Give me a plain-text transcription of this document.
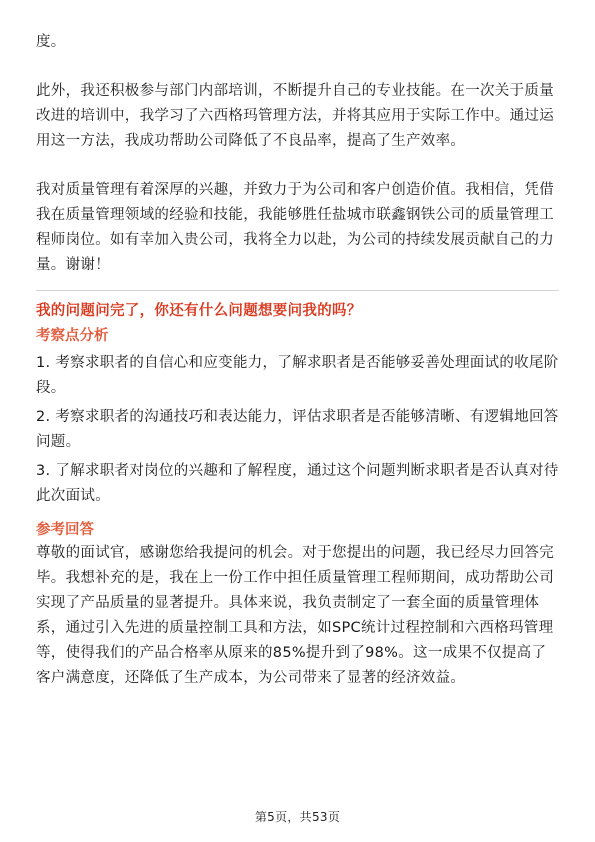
度。

此外，我还积极参与部门内部培训，不断提升自己的专业技能。在一次关于质量改进的培训中，我学习了六西格玛管理方法，并将其应用于实际工作中。通过运用这一方法，我成功帮助公司降低了不良品率，提高了生产效率。

我对质量管理有着深厚的兴趣，并致力于为公司和客户创造价值。我相信，凭借我在质量管理领域的经验和技能，我能够胜任盐城市联鑫钢铁公司的质量管理工程师岗位。如有幸加入贵公司，我将全力以赴，为公司的持续发展贡献自己的力量。谢谢！

我的问题问完了，你还有什么问题想要问我的吗？
考察点分析

1. 考察求职者的自信心和应变能力，了解求职者是否能够妥善处理面试的收尾阶段。

2. 考察求职者的沟通技巧和表达能力，评估求职者是否能够清晰、有逻辑地回答问题。

3. 了解求职者对岗位的兴趣和了解程度，通过这个问题判断求职者是否认真对待此次面试。

参考回答

尊敬的面试官，感谢您给我提问的机会。对于您提出的问题，我已经尽力回答完毕。我想补充的是，我在上一份工作中担任质量管理工程师期间，成功帮助公司实现了产品质量的显著提升。具体来说，我负责制定了一套全面的质量管理体系，通过引入先进的质量控制工具和方法，如SPC统计过程控制和六西格玛管理等，使得我们的产品合格率从原来的85%提升到了98%。这一成果不仅提高了客户满意度，还降低了生产成本，为公司带来了显著的经济效益。

第5页，共53页
